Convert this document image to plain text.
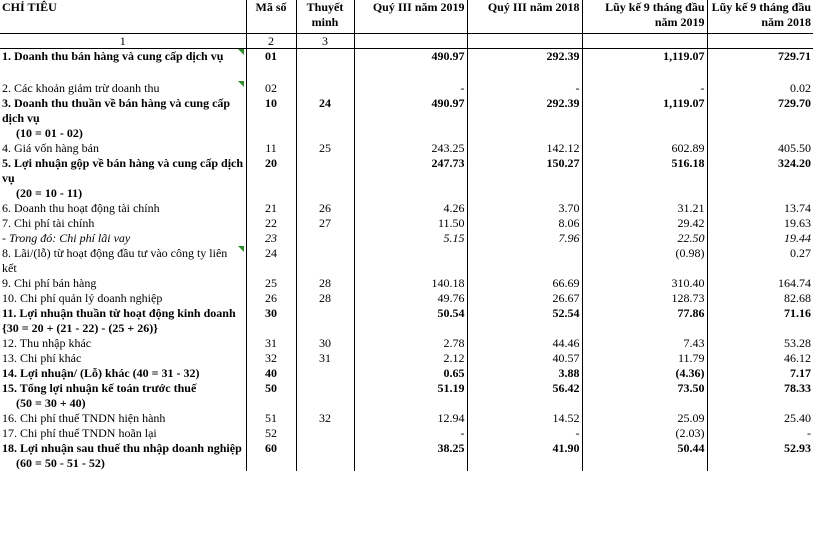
CHỈ TIÊU	Mã số	Thuyết minh	Quý III năm 2019	Quý III năm 2018	Lũy kế 9 tháng đầu năm 2019	Lũy kế 9 tháng đầu năm 2018
1	2	3				

1. Doanh thu bán hàng và cung cấp dịch vụ	01		490.97	292.39	1,119.07	729.71

2. Các khoản giảm trừ doanh thu	02		-	-	-	0.02

3. Doanh thu thuần về bán hàng và cung cấp dịch vụ
(10 = 01 - 02)	10	24	490.97	292.39	1,119.07	729.70

4. Giá vốn hàng bán	11	25	243.25	142.12	602.89	405.50

5. Lợi nhuận gộp về bán hàng và cung cấp dịch vụ
(20 = 10 - 11)	20		247.73	150.27	516.18	324.20

6. Doanh thu hoạt động tài chính	21	26	4.26	3.70	31.21	13.74

7. Chi phí tài chính	22	27	11.50	8.06	29.42	19.63

- Trong đó: Chi phí lãi vay	23		5.15	7.96	22.50	19.44

8. Lãi/(lỗ) từ hoạt động đầu tư vào công ty liên kết	24				(0.98)	0.27

9. Chi phí bán hàng	25	28	140.18	66.69	310.40	164.74

10. Chi phí quản lý doanh nghiệp	26	28	49.76	26.67	128.73	82.68

11. Lợi nhuận thuần từ hoạt động kinh doanh {30 = 20 + (21 - 22) - (25 + 26)}	30		50.54	52.54	77.86	71.16

12. Thu nhập khác	31	30	2.78	44.46	7.43	53.28

13. Chi phí khác	32	31	2.12	40.57	11.79	46.12

14. Lợi nhuận/ (Lỗ) khác (40 = 31 - 32)	40		0.65	3.88	(4.36)	7.17

15. Tổng lợi nhuận kế toán trước thuế
(50 = 30 + 40)	50		51.19	56.42	73.50	78.33

16. Chi phí thuế TNDN hiện hành	51	32	12.94	14.52	25.09	25.40

17. Chi phí thuế TNDN hoãn lại	52		-	-	(2.03)	-

18. Lợi nhuận sau thuế thu nhập doanh nghiệp
(60 = 50 - 51 - 52)	60		38.25	41.90	50.44	52.93
